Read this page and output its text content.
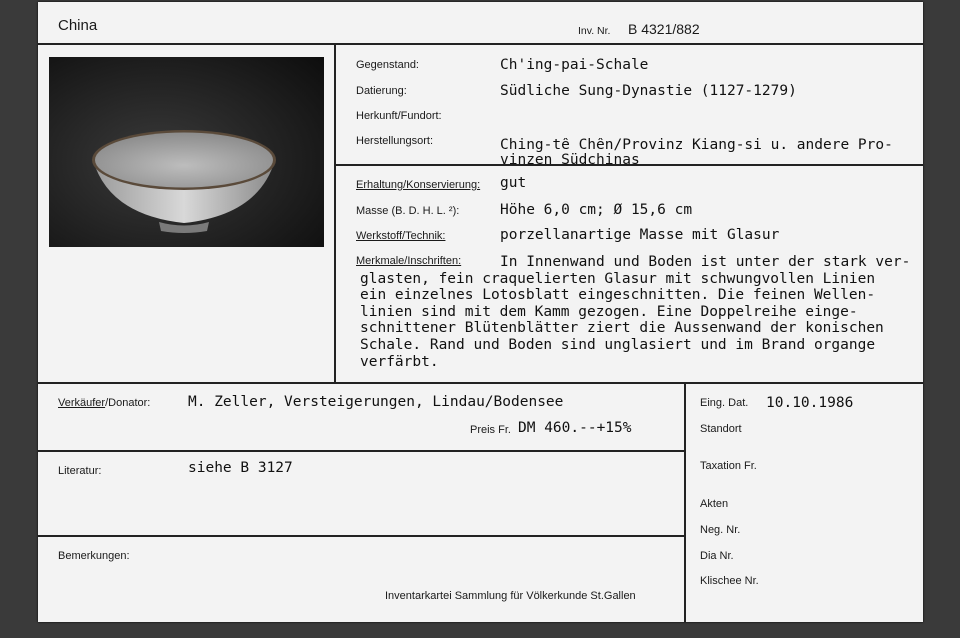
China	Inv. Nr. B 4321/882
Gegenstand:	Ch'ing-pai-Schale
Datierung:	Südliche Sung-Dynastie (1127-1279)
Herkunft/Fundort:
Herstellungsort:	Ching-tê Chên/Provinz Kiang-si u. andere Pro-
vinzen Südchinas
Erhaltung/Konservierung: gut
Masse (B. D. H. L. ²):	Höhe 6,0 cm; Ø 15,6 cm
Werkstoff/Technik:	porzellanartige Masse mit Glasur
Merkmale/Inschriften:	In Innenwand und Boden ist unter der stark ver-
glasten, fein craquelierten Glasur mit schwungvollen Linien
ein einzelnes Lotosblatt eingeschnitten. Die feinen Wellen-
linien sind mit dem Kamm gezogen. Eine Doppelreihe einge-
schnittener Blütenblätter ziert die Aussenwand der konischen
Schale. Rand und Boden sind unglasiert und im Brand organge
verfärbt.
Verkäufer/Donator:	M. Zeller, Versteigerungen, Lindau/Bodensee
Preis Fr. DM 460.--+15%
Literatur:	siehe B 3127
Bemerkungen:
Inventarkartei Sammlung für Völkerkunde St.Gallen
Eing. Dat. 10.10.1986
Standort
Taxation Fr.
Akten
Neg. Nr.
Dia Nr.
Klischee Nr.
